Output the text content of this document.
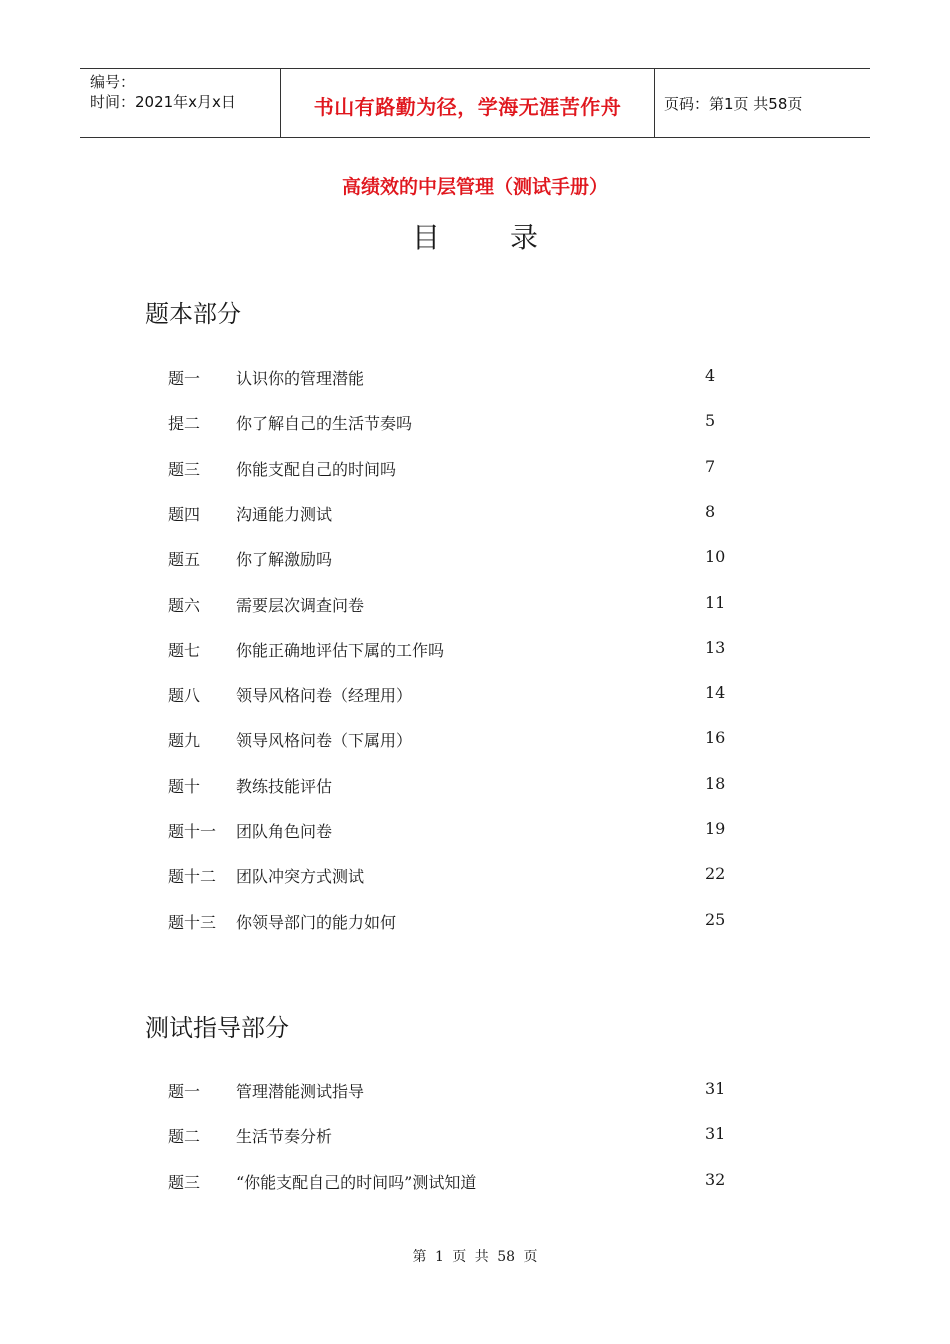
编号：
时间：2021年x月x日	书山有路勤为径，学海无涯苦作舟	页码：第1页 共58页
高绩效的中层管理（测试手册）
目录
题本部分
题一 认识你的管理潜能	4
提二 你了解自己的生活节奏吗	5
题三 你能支配自己的时间吗	7
题四 沟通能力测试	8
题五 你了解激励吗	10
题六 需要层次调查问卷	11
题七 你能正确地评估下属的工作吗	13
题八 领导风格问卷（经理用）	14
题九 领导风格问卷（下属用）	16
题十 教练技能评估	18
题十一 团队角色问卷	19
题十二 团队冲突方式测试	22
题十三 你领导部门的能力如何	25
测试指导部分
题一 管理潜能测试指导	31
题二 生活节奏分析	31
题三 “你能支配自己的时间吗”测试知道	32
第 1 页 共 58 页
